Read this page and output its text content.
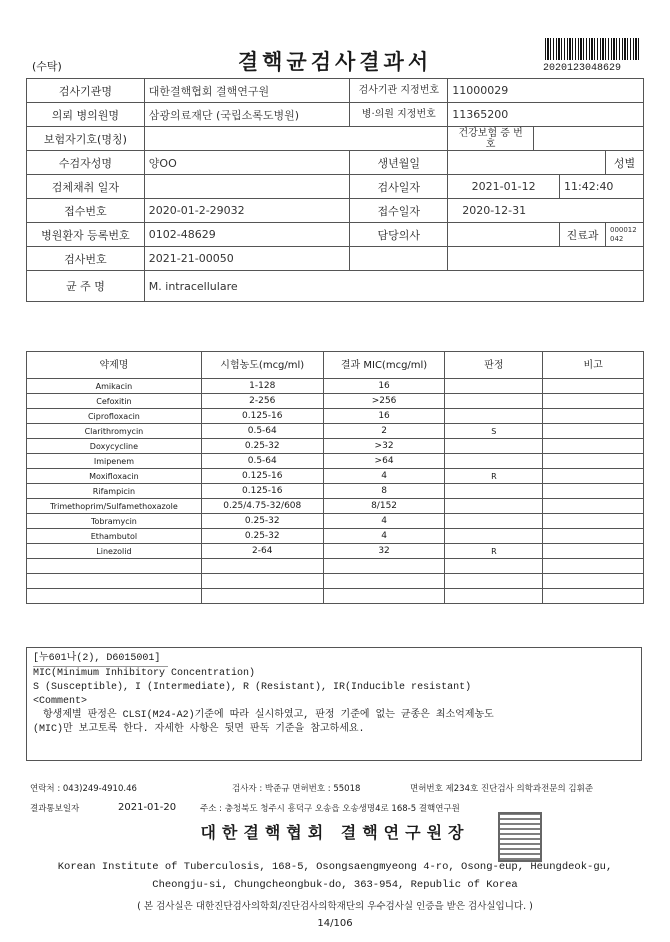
(수탁)	결핵균검사결과서	2020123048629
검사기관명	대한결핵협회 결핵연구원	검사기관 지정번호	11000029			
의뢰 병의원명	삼광의료재단 (국립소록도병원)	병·의원 지정번호	11365200			
보험자기호(명칭)			건강보험 증 번 호			
수검자성명	양OO	생년월일				성별
검체채취 일자		검사일자	2021-01-12		11:42:40	
접수번호	2020-01-2-29032	접수일자	2020-12-31			
병원환자 등록번호	0102-48629	담당의사			진료과	000012042
검사번호	2021-21-00050					
균 주 명	M. intracellulare					
약제명	시험농도(mcg/ml)	결과 MIC(mcg/ml)	판정	비고
Amikacin	1-128	16		
Cefoxitin	2-256	>256		
Ciprofloxacin	0.125-16	16		
Clarithromycin	0.5-64	2	S	
Doxycycline	0.25-32	>32		
Imipenem	0.5-64	>64		
Moxifloxacin	0.125-16	4	R	
Rifampicin	0.125-16	8		
Trimethoprim/Sulfamethoxazole	0.25/4.75-32/608	8/152		
Tobramycin	0.25-32	4		
Ethambutol	0.25-32	4		
Linezolid	2-64	32	R	

[누601나(2), D6015001]
MIC(Minimum Inhibitory Concentration)
S (Susceptible), I (Intermediate), R (Resistant), IR(Inducible resistant)
<Comment>
항생제별 판정은 CLSI(M24-A2)기준에 따라 실시하였고, 판정 기준에 없는 균종은 최소억제농도
(MIC)만 보고토록 한다. 자세한 사항은 뒷면 판독 기준을 참고하세요.
연락처 : 043)249-4910.46	검사자 : 박준규 면허번호 : 55018	면허번호 제234호 진단검사 의학과전문의 김휘준
결과통보일자	2021-01-20	주소 : 충청북도 청주시 흥덕구 오송읍 오송생명4로 168-5 결핵연구원
대한결핵협회 결핵연구원장
Korean Institute of Tuberculosis, 168-5, Osongsaengmyeong 4-ro, Osong-eup, Heungdeok-gu,
Cheongju-si, Chungcheongbuk-do, 363-954, Republic of Korea
( 본 검사실은 대한진단검사의학회/진단검사의학재단의 우수검사실 인증을 받은 검사실입니다. )
14/106
